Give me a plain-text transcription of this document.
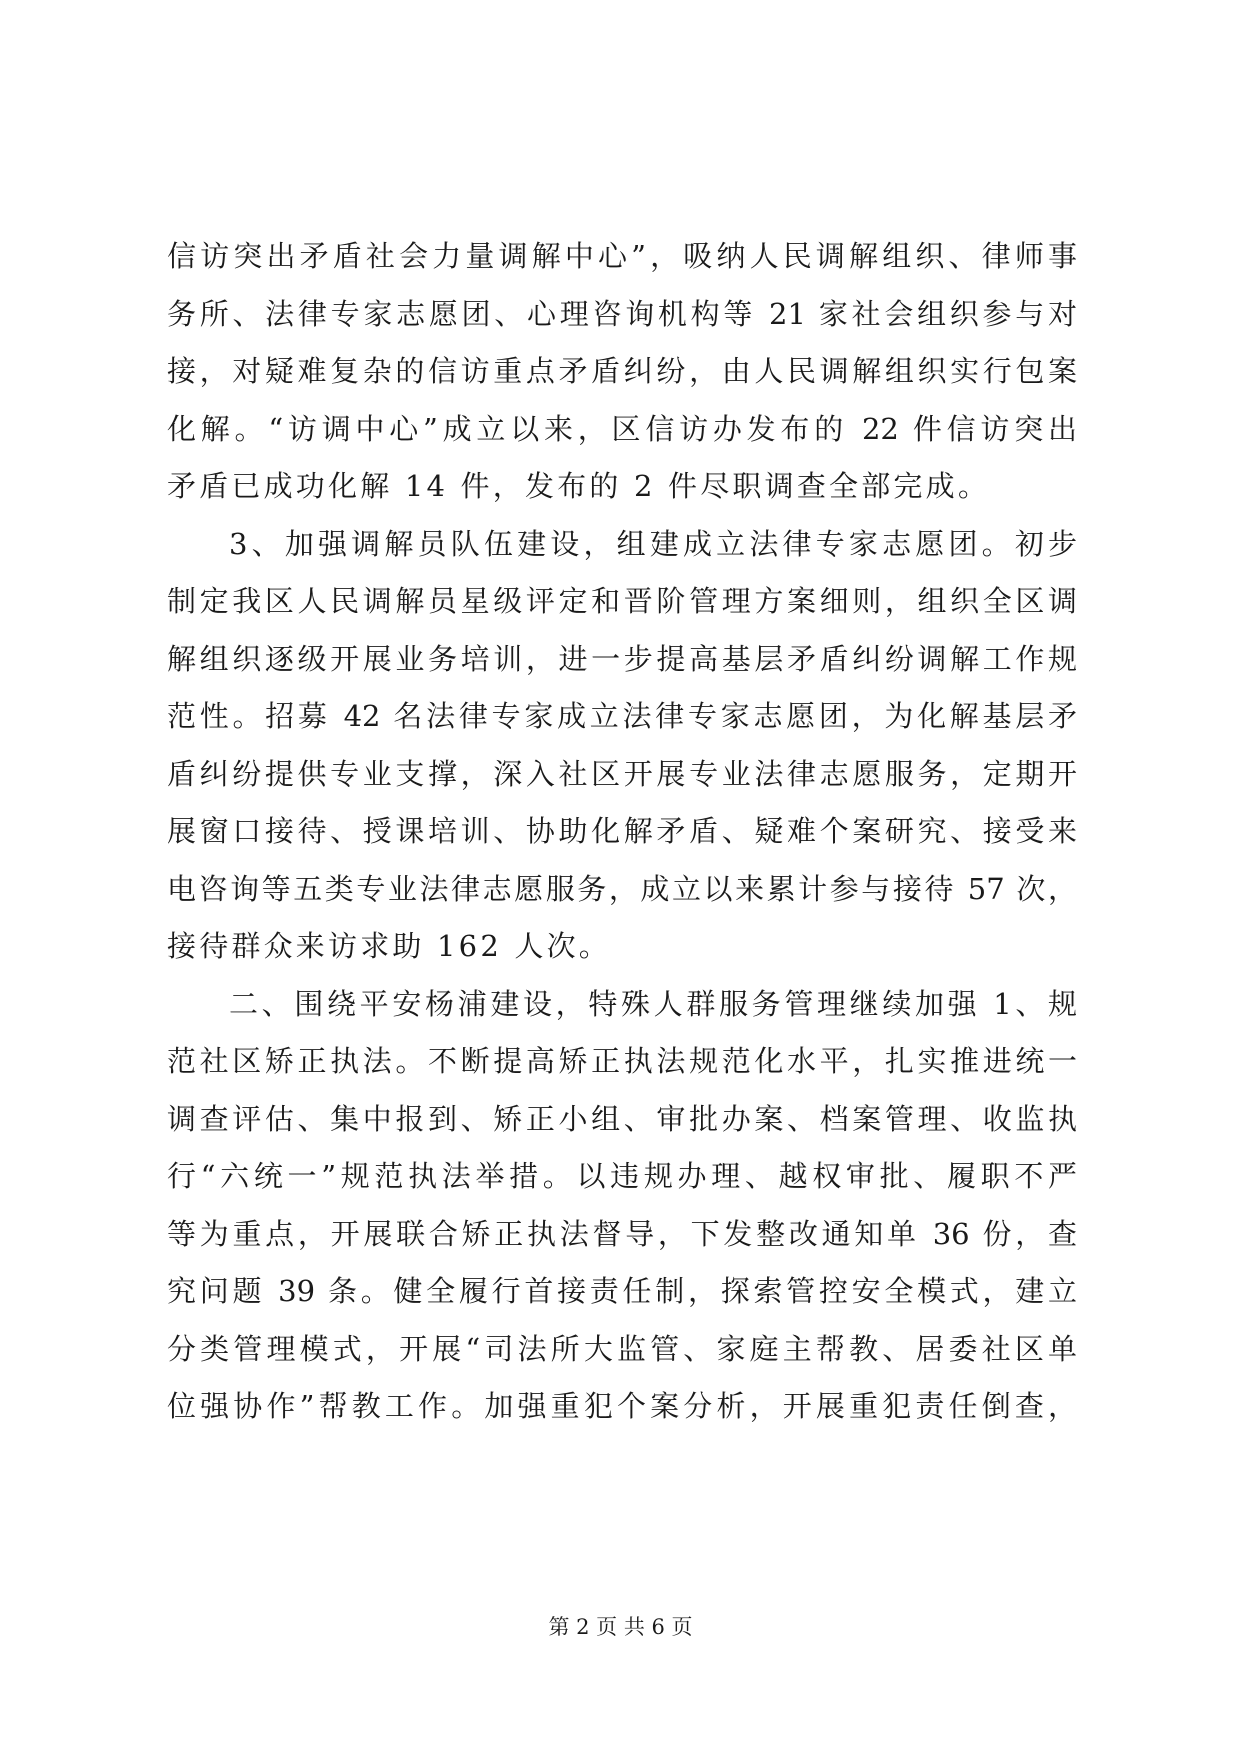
信访突出矛盾社会力量调解中心”，吸纳人民调解组织、律师事
务所、法律专家志愿团、心理咨询机构等 21 家社会组织参与对
接，对疑难复杂的信访重点矛盾纠纷，由人民调解组织实行包案
化解。“访调中心”成立以来，区信访办发布的 22 件信访突出
矛盾已成功化解 14 件，发布的 2 件尽职调查全部完成。
3、加强调解员队伍建设，组建成立法律专家志愿团。初步
制定我区人民调解员星级评定和晋阶管理方案细则，组织全区调
解组织逐级开展业务培训，进一步提高基层矛盾纠纷调解工作规
范性。招募 42 名法律专家成立法律专家志愿团，为化解基层矛
盾纠纷提供专业支撑，深入社区开展专业法律志愿服务，定期开
展窗口接待、授课培训、协助化解矛盾、疑难个案研究、接受来
电咨询等五类专业法律志愿服务，成立以来累计参与接待 57 次，
接待群众来访求助 162 人次。
二、围绕平安杨浦建设，特殊人群服务管理继续加强 1、规
范社区矫正执法。不断提高矫正执法规范化水平，扎实推进统一
调查评估、集中报到、矫正小组、审批办案、档案管理、收监执
行“六统一”规范执法举措。以违规办理、越权审批、履职不严
等为重点，开展联合矫正执法督导，下发整改通知单 36 份，查
究问题 39 条。健全履行首接责任制，探索管控安全模式，建立
分类管理模式，开展“司法所大监管、家庭主帮教、居委社区单
位强协作”帮教工作。加强重犯个案分析，开展重犯责任倒查，
第 2 页 共 6 页
